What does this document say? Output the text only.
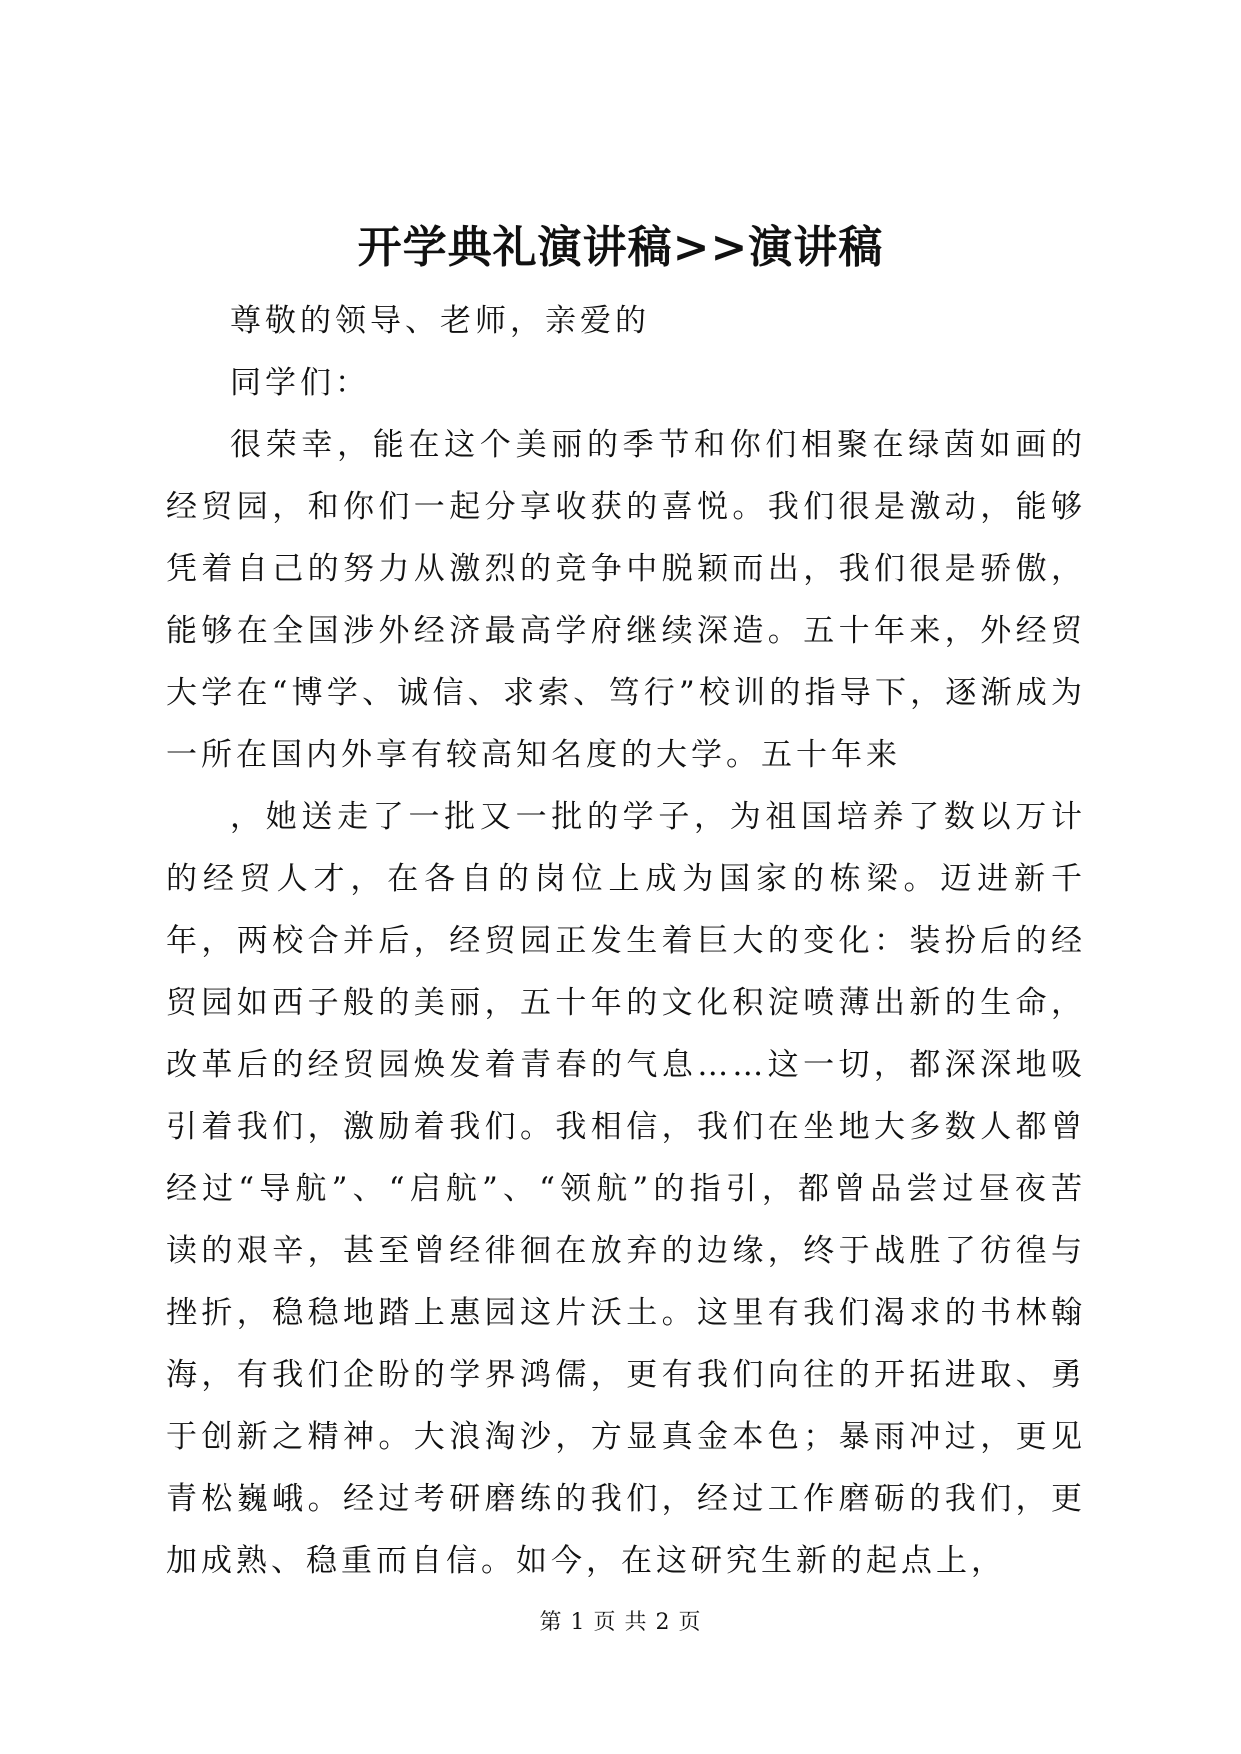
开学典礼演讲稿>>演讲稿

尊敬的领导、老师，亲爱的

同学们：

很荣幸，能在这个美丽的季节和你们相聚在绿茵如画的经贸园，和你们一起分享收获的喜悦。我们很是激动，能够凭着自己的努力从激烈的竞争中脱颖而出，我们很是骄傲，能够在全国涉外经济最高学府继续深造。五十年来，外经贸大学在“博学、诚信、求索、笃行”校训的指导下，逐渐成为一所在国内外享有较高知名度的大学。五十年来

，她送走了一批又一批的学子，为祖国培养了数以万计的经贸人才，在各自的岗位上成为国家的栋梁。迈进新千年，两校合并后，经贸园正发生着巨大的变化：装扮后的经贸园如西子般的美丽，五十年的文化积淀喷薄出新的生命，改革后的经贸园焕发着青春的气息……这一切，都深深地吸引着我们，激励着我们。我相信，我们在坐地大多数人都曾经过“导航”、“启航”、“领航”的指引，都曾品尝过昼夜苦读的艰辛，甚至曾经徘徊在放弃的边缘，终于战胜了彷徨与挫折，稳稳地踏上惠园这片沃土。这里有我们渴求的书林翰海，有我们企盼的学界鸿儒，更有我们向往的开拓进取、勇于创新之精神。大浪淘沙，方显真金本色；暴雨冲过，更见青松巍峨。经过考研磨练的我们，经过工作磨砺的我们，更加成熟、稳重而自信。如今，在这研究生新的起点上，

第 1 页 共 2 页
